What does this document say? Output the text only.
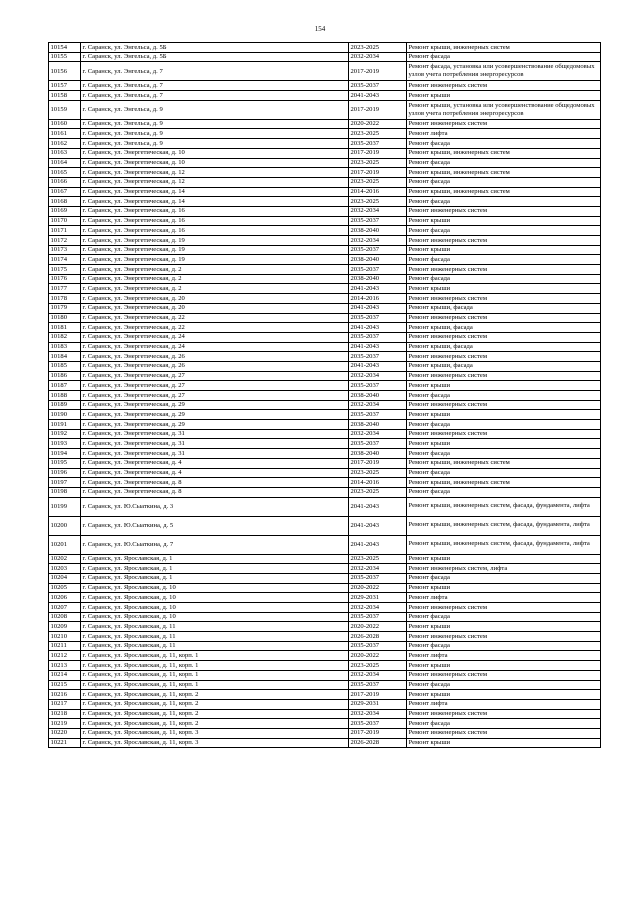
154
10154	г. Саранск, ул. Энгельса, д. 5Б	2023-2025	Ремонт крыши, инженерных систем
10155	г. Саранск, ул. Энгельса, д. 5Б	2032-2034	Ремонт фасада
10156	г. Саранск, ул. Энгельса, д. 7	2017-2019	Ремонт фасада, установка или усовершенствование общедомовых узлов учета потребления энергоресурсов
10157	г. Саранск, ул. Энгельса, д. 7	2035-2037	Ремонт инженерных систем
10158	г. Саранск, ул. Энгельса, д. 7	2041-2043	Ремонт крыши
10159	г. Саранск, ул. Энгельса, д. 9	2017-2019	Ремонт крыши, установка или усовершенствование общедомовых узлов учета потребления энергоресурсов
10160	г. Саранск, ул. Энгельса, д. 9	2020-2022	Ремонт инженерных систем
10161	г. Саранск, ул. Энгельса, д. 9	2023-2025	Ремонт лифта
10162	г. Саранск, ул. Энгельса, д. 9	2035-2037	Ремонт фасада
10163	г. Саранск, ул. Энергетическая, д. 10	2017-2019	Ремонт крыши, инженерных систем
10164	г. Саранск, ул. Энергетическая, д. 10	2023-2025	Ремонт фасада
10165	г. Саранск, ул. Энергетическая, д. 12	2017-2019	Ремонт крыши, инженерных систем
10166	г. Саранск, ул. Энергетическая, д. 12	2023-2025	Ремонт фасада
10167	г. Саранск, ул. Энергетическая, д. 14	2014-2016	Ремонт крыши, инженерных систем
10168	г. Саранск, ул. Энергетическая, д. 14	2023-2025	Ремонт фасада
10169	г. Саранск, ул. Энергетическая, д. 16	2032-2034	Ремонт инженерных систем
10170	г. Саранск, ул. Энергетическая, д. 16	2035-2037	Ремонт крыши
10171	г. Саранск, ул. Энергетическая, д. 16	2038-2040	Ремонт фасада
10172	г. Саранск, ул. Энергетическая, д. 19	2032-2034	Ремонт инженерных систем
10173	г. Саранск, ул. Энергетическая, д. 19	2035-2037	Ремонт крыши
10174	г. Саранск, ул. Энергетическая, д. 19	2038-2040	Ремонт фасада
10175	г. Саранск, ул. Энергетическая, д. 2	2035-2037	Ремонт инженерных систем
10176	г. Саранск, ул. Энергетическая, д. 2	2038-2040	Ремонт фасада
10177	г. Саранск, ул. Энергетическая, д. 2	2041-2043	Ремонт крыши
10178	г. Саранск, ул. Энергетическая, д. 20	2014-2016	Ремонт инженерных систем
10179	г. Саранск, ул. Энергетическая, д. 20	2041-2043	Ремонт крыши, фасада
10180	г. Саранск, ул. Энергетическая, д. 22	2035-2037	Ремонт инженерных систем
10181	г. Саранск, ул. Энергетическая, д. 22	2041-2043	Ремонт крыши, фасада
10182	г. Саранск, ул. Энергетическая, д. 24	2035-2037	Ремонт инженерных систем
10183	г. Саранск, ул. Энергетическая, д. 24	2041-2043	Ремонт крыши, фасада
10184	г. Саранск, ул. Энергетическая, д. 26	2035-2037	Ремонт инженерных систем
10185	г. Саранск, ул. Энергетическая, д. 26	2041-2043	Ремонт крыши, фасада
10186	г. Саранск, ул. Энергетическая, д. 27	2032-2034	Ремонт инженерных систем
10187	г. Саранск, ул. Энергетическая, д. 27	2035-2037	Ремонт крыши
10188	г. Саранск, ул. Энергетическая, д. 27	2038-2040	Ремонт фасада
10189	г. Саранск, ул. Энергетическая, д. 29	2032-2034	Ремонт инженерных систем
10190	г. Саранск, ул. Энергетическая, д. 29	2035-2037	Ремонт крыши
10191	г. Саранск, ул. Энергетическая, д. 29	2038-2040	Ремонт фасада
10192	г. Саранск, ул. Энергетическая, д. 31	2032-2034	Ремонт инженерных систем
10193	г. Саранск, ул. Энергетическая, д. 31	2035-2037	Ремонт крыши
10194	г. Саранск, ул. Энергетическая, д. 31	2038-2040	Ремонт фасада
10195	г. Саранск, ул. Энергетическая, д. 4	2017-2019	Ремонт крыши, инженерных систем
10196	г. Саранск, ул. Энергетическая, д. 4	2023-2025	Ремонт фасада
10197	г. Саранск, ул. Энергетическая, д. 8	2014-2016	Ремонт крыши, инженерных систем
10198	г. Саранск, ул. Энергетическая, д. 8	2023-2025	Ремонт фасада
10199	г. Саранск, ул. Ю.Сыаткина, д. 3	2041-2043	Ремонт крыши, инженерных систем, фасада, фундамента, лифта
10200	г. Саранск, ул. Ю.Сыаткина, д. 5	2041-2043	Ремонт крыши, инженерных систем, фасада, фундамента, лифта
10201	г. Саранск, ул. Ю.Сыаткина, д. 7	2041-2043	Ремонт крыши, инженерных систем, фасада, фундамента, лифта
10202	г. Саранск, ул. Ярославская, д. 1	2023-2025	Ремонт крыши
10203	г. Саранск, ул. Ярославская, д. 1	2032-2034	Ремонт инженерных систем, лифта
10204	г. Саранск, ул. Ярославская, д. 1	2035-2037	Ремонт фасада
10205	г. Саранск, ул. Ярославская, д. 10	2020-2022	Ремонт крыши
10206	г. Саранск, ул. Ярославская, д. 10	2029-2031	Ремонт лифта
10207	г. Саранск, ул. Ярославская, д. 10	2032-2034	Ремонт инженерных систем
10208	г. Саранск, ул. Ярославская, д. 10	2035-2037	Ремонт фасада
10209	г. Саранск, ул. Ярославская, д. 11	2020-2022	Ремонт крыши
10210	г. Саранск, ул. Ярославская, д. 11	2026-2028	Ремонт инженерных систем
10211	г. Саранск, ул. Ярославская, д. 11	2035-2037	Ремонт фасада
10212	г. Саранск, ул. Ярославская, д. 11, корп. 1	2020-2022	Ремонт лифта
10213	г. Саранск, ул. Ярославская, д. 11, корп. 1	2023-2025	Ремонт крыши
10214	г. Саранск, ул. Ярославская, д. 11, корп. 1	2032-2034	Ремонт инженерных систем
10215	г. Саранск, ул. Ярославская, д. 11, корп. 1	2035-2037	Ремонт фасада
10216	г. Саранск, ул. Ярославская, д. 11, корп. 2	2017-2019	Ремонт крыши
10217	г. Саранск, ул. Ярославская, д. 11, корп. 2	2029-2031	Ремонт лифта
10218	г. Саранск, ул. Ярославская, д. 11, корп. 2	2032-2034	Ремонт инженерных систем
10219	г. Саранск, ул. Ярославская, д. 11, корп. 2	2035-2037	Ремонт фасада
10220	г. Саранск, ул. Ярославская, д. 11, корп. 3	2017-2019	Ремонт инженерных систем
10221	г. Саранск, ул. Ярославская, д. 11, корп. 3	2026-2028	Ремонт крыши
